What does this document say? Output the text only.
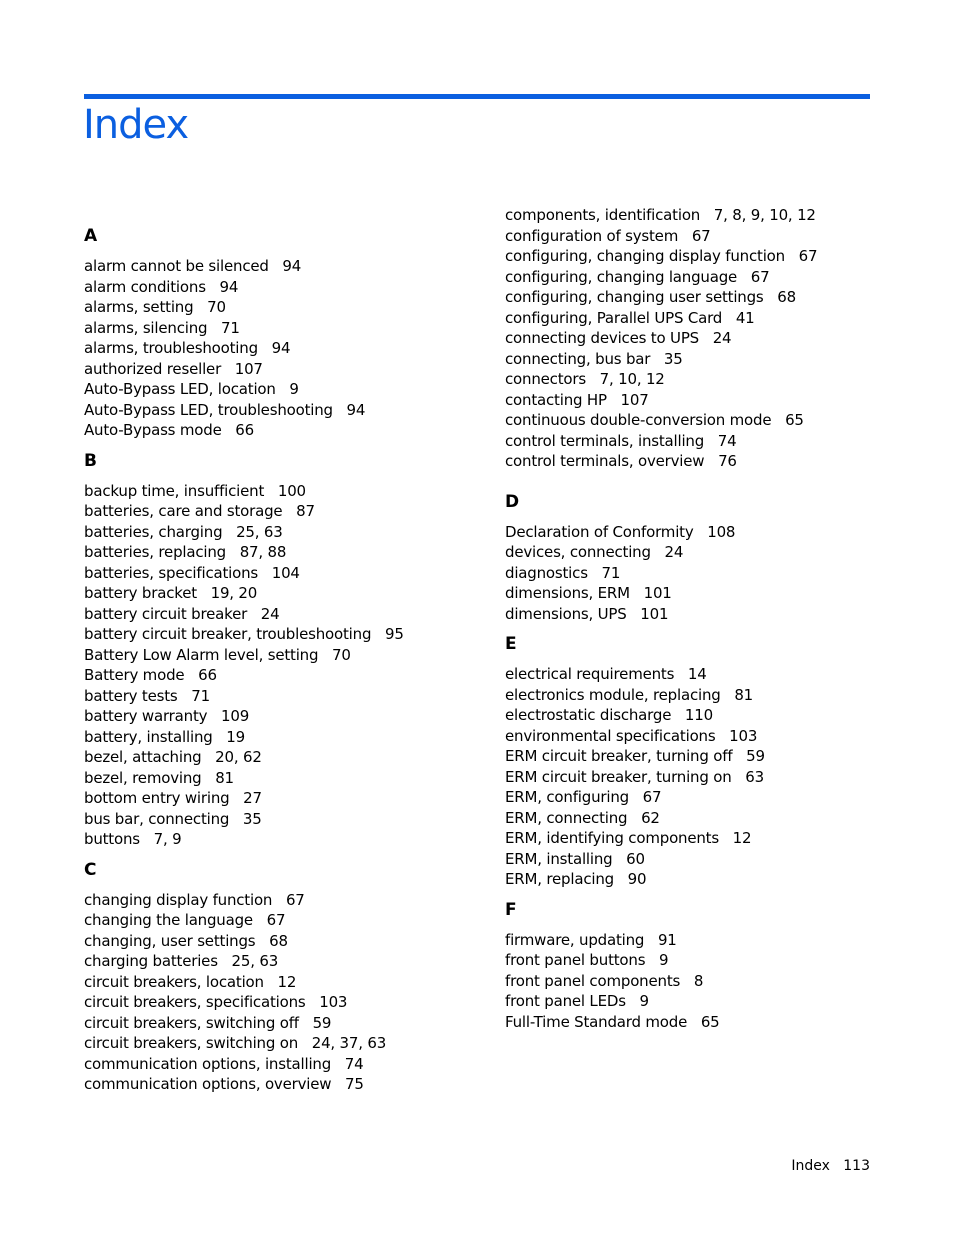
Index
A
alarm cannot be silenced   94
alarm conditions   94
alarms, setting   70
alarms, silencing   71
alarms, troubleshooting   94
authorized reseller   107
Auto-Bypass LED, location   9
Auto-Bypass LED, troubleshooting   94
Auto-Bypass mode   66
B
backup time, insufficient   100
batteries, care and storage   87
batteries, charging   25, 63
batteries, replacing   87, 88
batteries, specifications   104
battery bracket   19, 20
battery circuit breaker   24
battery circuit breaker, troubleshooting   95
Battery Low Alarm level, setting   70
Battery mode   66
battery tests   71
battery warranty   109
battery, installing   19
bezel, attaching   20, 62
bezel, removing   81
bottom entry wiring   27
bus bar, connecting   35
buttons   7, 9
C
changing display function   67
changing the language   67
changing, user settings   68
charging batteries   25, 63
circuit breakers, location   12
circuit breakers, specifications   103
circuit breakers, switching off   59
circuit breakers, switching on   24, 37, 63
communication options, installing   74
communication options, overview   75
components, identification   7, 8, 9, 10, 12
configuration of system   67
configuring, changing display function   67
configuring, changing language   67
configuring, changing user settings   68
configuring, Parallel UPS Card   41
connecting devices to UPS   24
connecting, bus bar   35
connectors   7, 10, 12
contacting HP   107
continuous double-conversion mode   65
control terminals, installing   74
control terminals, overview   76
D
Declaration of Conformity   108
devices, connecting   24
diagnostics   71
dimensions, ERM   101
dimensions, UPS   101
E
electrical requirements   14
electronics module, replacing   81
electrostatic discharge   110
environmental specifications   103
ERM circuit breaker, turning off   59
ERM circuit breaker, turning on   63
ERM, configuring   67
ERM, connecting   62
ERM, identifying components   12
ERM, installing   60
ERM, replacing   90
F
firmware, updating   91
front panel buttons   9
front panel components   8
front panel LEDs   9
Full-Time Standard mode   65
Index 113
